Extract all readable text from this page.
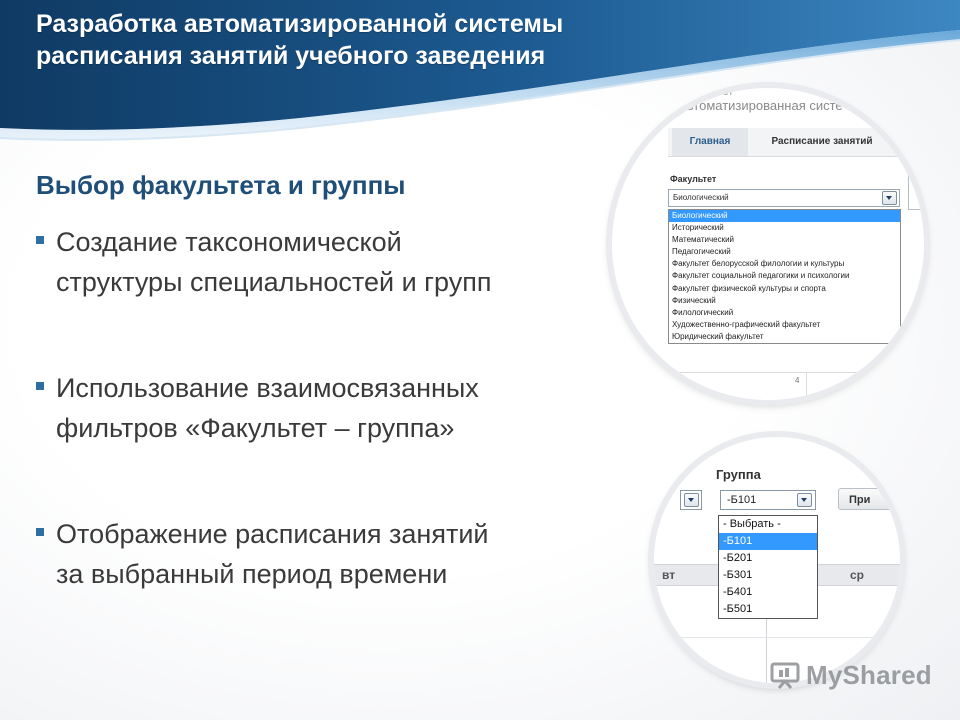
Разработка автоматизированной системы
расписания занятий учебного заведения
Выбор факультета и группы
Создание таксономической
структуры специальностей и групп
Использование взаимосвязанных
фильтров «Факультет – группа»
Отображение расписания занятий
за выбранный период времени
верситет
Автоматизированная систе
Главная	Расписание занятий
Факультет
Биологический
Биологический
Исторический
Математический
Педагогический
Факультет белорусской филологии и культуры
Факультет социальной педагогики и психологии
Факультет физической культуры и спорта
Физический
Филологический
Художественно-графический факультет
Юридический факультет
4
Группа
-Б101	При
вт	ср
- Выбрать -
-Б101
-Б201
-Б301
-Б401
-Б501
MyShared
